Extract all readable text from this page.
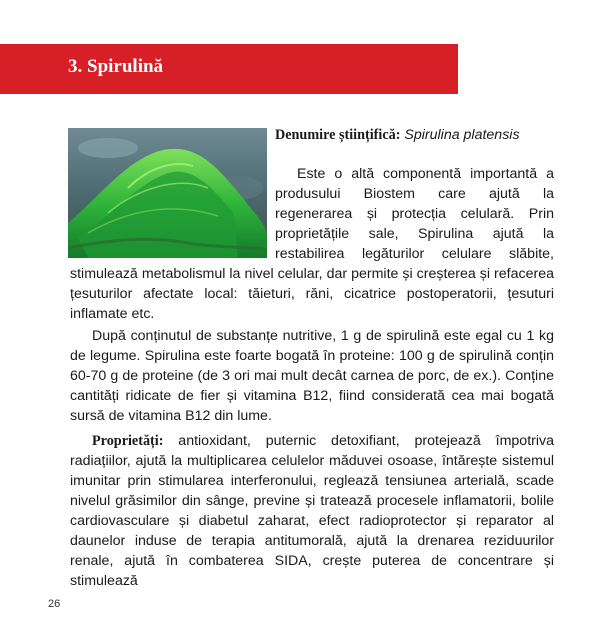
3. Spirulină
Denumire științifică: Spirulina platensis

Este o altă componentă importantă a produsului Biostem care ajută la regenerarea și protecția celulară. Prin proprietățile sale, Spirulina ajută la restabilirea legăturilor celulare slăbite, stimulează metabolismul la nivel celular, dar permite și creșterea și refacerea țesuturilor afectate local: tăieturi, răni, cicatrice postoperatorii, țesuturi inflamate etc.

După conținutul de substanțe nutritive, 1 g de spirulină este egal cu 1 kg de legume. Spirulina este foarte bogată în proteine: 100 g de spirulină conțin 60-70 g de proteine (de 3 ori mai mult decât carnea de porc, de ex.). Conține cantități ridicate de fier și vitamina B12, fiind considerată cea mai bogată sursă de vitamina B12 din lume.

Proprietăți: antioxidant, puternic detoxifiant, protejează împotriva radiațiilor, ajută la multiplicarea celulelor măduvei osoase, întărește sistemul imunitar prin stimularea interferonului, reglează tensiunea arterială, scade nivelul grăsimilor din sânge, previne și tratează procesele inflamatorii, bolile cardiovasculare și diabetul zaharat, efect radioprotector și reparator al daunelor induse de terapia antitumorală, ajută la drenarea reziduurilor renale, ajută în combaterea SIDA, crește puterea de concentrare și stimulează

26
